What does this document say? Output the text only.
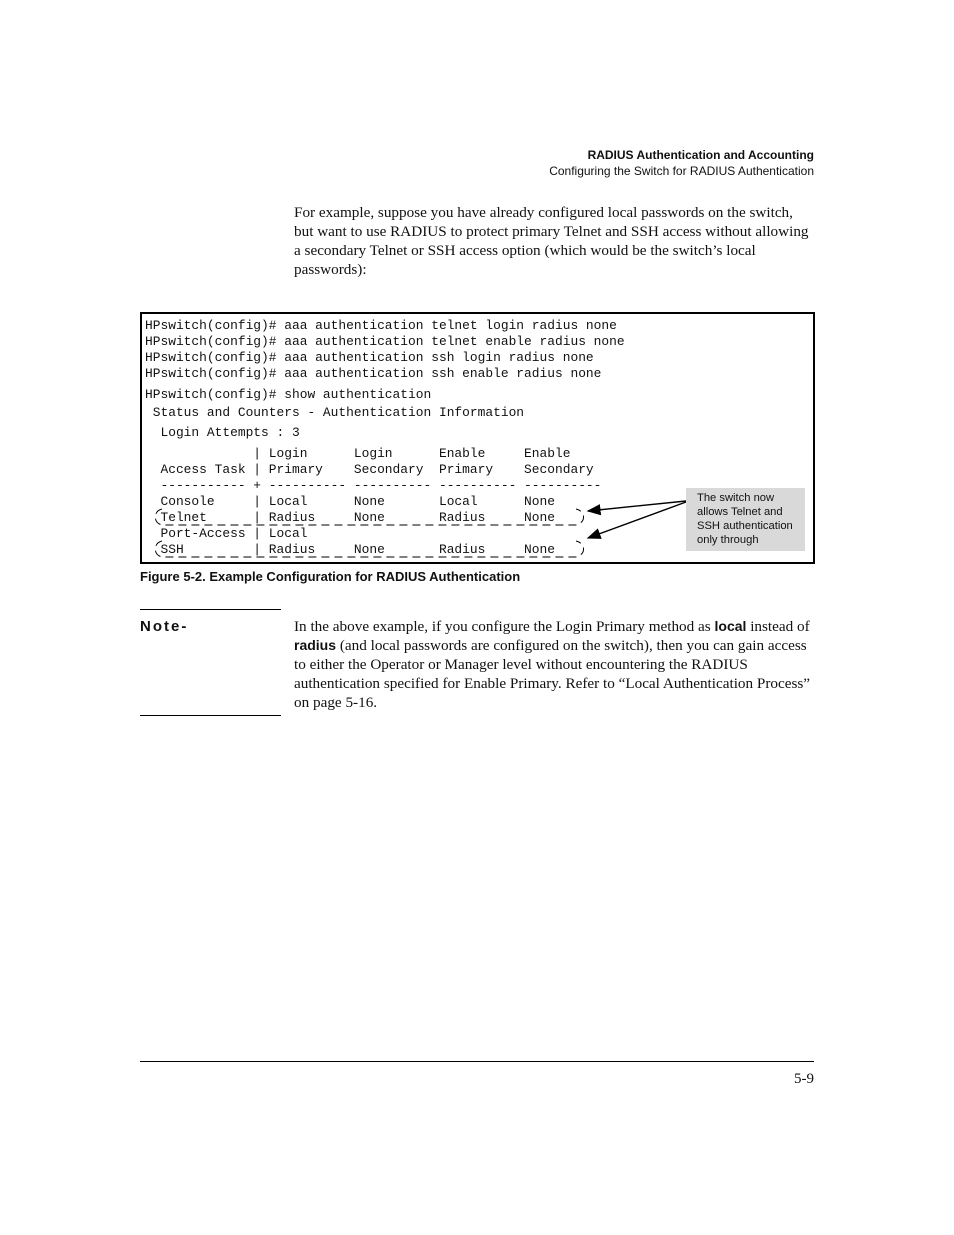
RADIUS Authentication and Accounting
Configuring the Switch for RADIUS Authentication
For example, suppose you have already configured local passwords on the switch, but want to use RADIUS to protect primary Telnet and SSH access without allowing a secondary Telnet or SSH access option (which would be the switch’s local passwords):
HPswitch(config)# aaa authentication telnet login radius none
HPswitch(config)# aaa authentication telnet enable radius none
HPswitch(config)# aaa authentication ssh login radius none
HPswitch(config)# aaa authentication ssh enable radius none

HPswitch(config)# show authentication

Status and Counters - Authentication Information

Login Attempts : 3

| Login      Login      Enable     Enable
Access Task | Primary    Secondary  Primary    Secondary
----------- + ---------- ---------- ---------- ----------
Console     | Local      None       Local      None
Telnet      | Radius     None       Radius     None
Port-Access | Local
SSH         | Radius     None       Radius     None
The switch now
allows Telnet and
SSH authentication
only through
Figure 5-2. Example Configuration for RADIUS Authentication
Note-	In the above example, if you configure the Login Primary method as local instead of radius (and local passwords are configured on the switch), then you can gain access to either the Operator or Manager level without encountering the RADIUS authentication specified for Enable Primary. Refer to “Local Authentication Process” on page 5-16.
5-9
